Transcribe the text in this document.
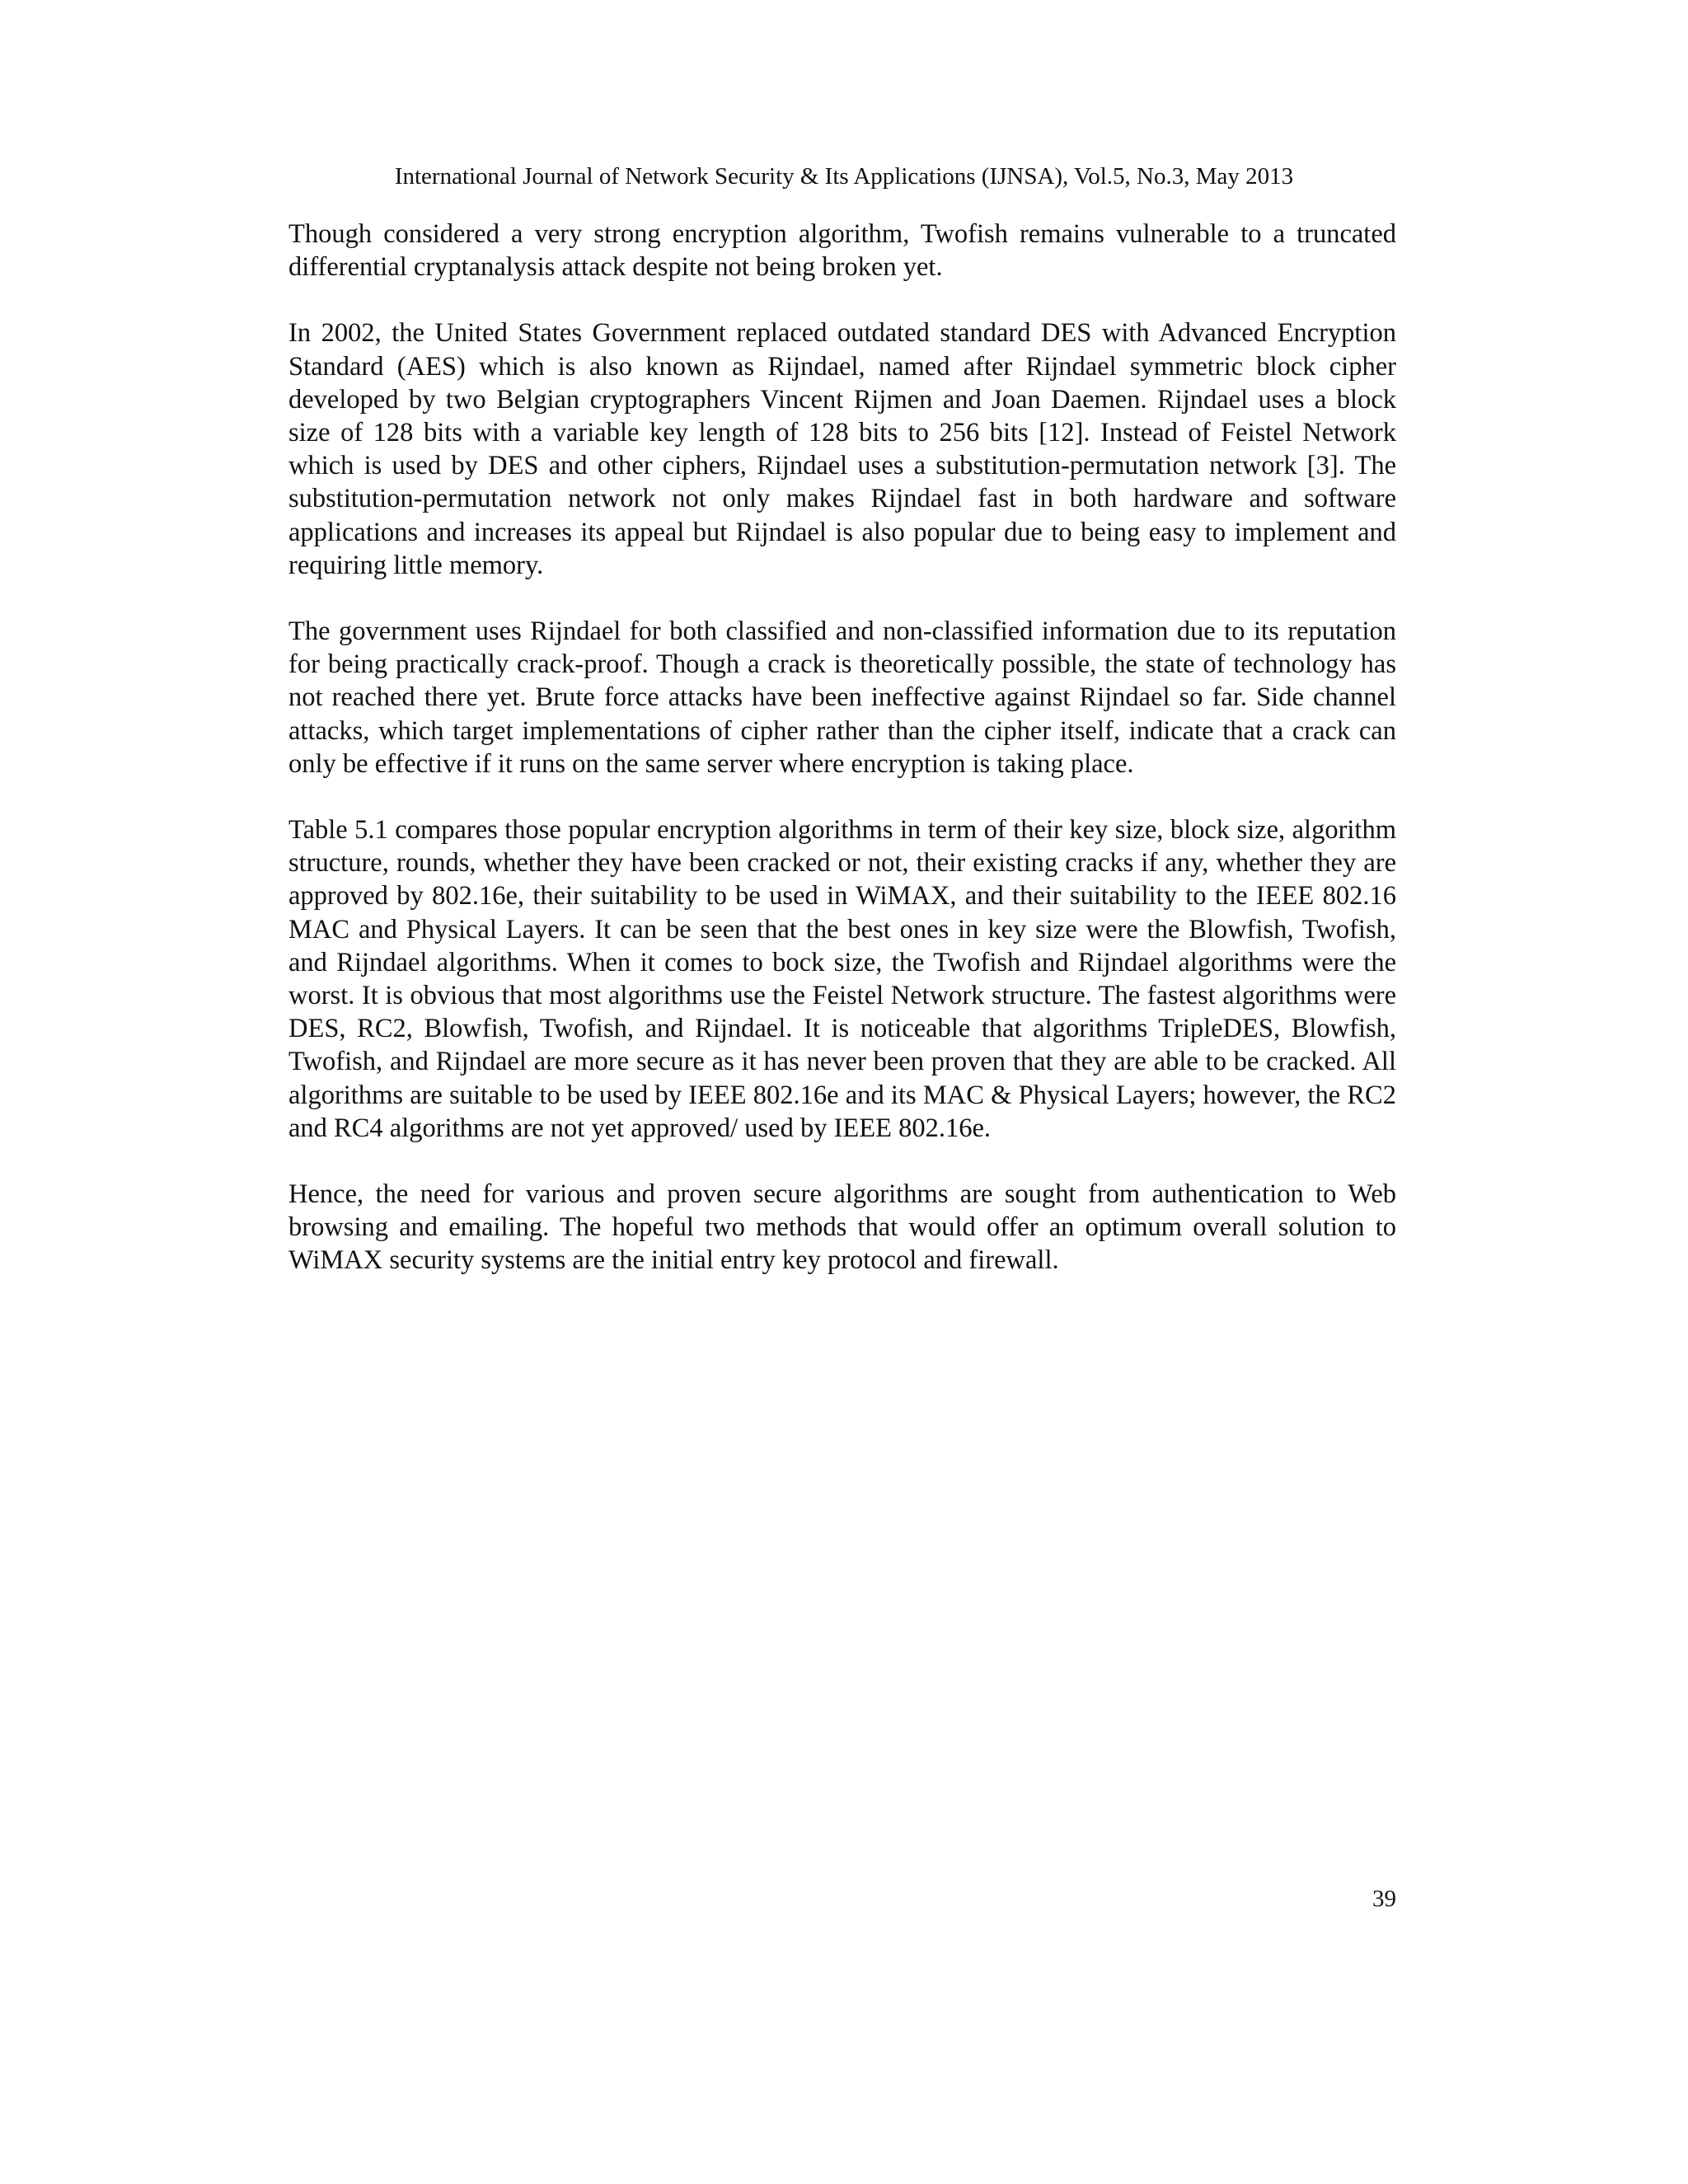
International Journal of Network Security & Its Applications (IJNSA), Vol.5, No.3, May 2013

Though considered a very strong encryption algorithm, Twofish remains vulnerable to a truncated differential cryptanalysis attack despite not being broken yet.

In 2002, the United States Government replaced outdated standard DES with Advanced Encryption Standard (AES) which is also known as Rijndael, named after Rijndael symmetric block cipher developed by two Belgian cryptographers Vincent Rijmen and Joan Daemen. Rijndael uses a block size of 128 bits with a variable key length of 128 bits to 256 bits [12]. Instead of Feistel Network which is used by DES and other ciphers, Rijndael uses a substitution-permutation network [3]. The substitution-permutation network not only makes Rijndael fast in both hardware and software applications and increases its appeal but Rijndael is also popular due to being easy to implement and requiring little memory.

The government uses Rijndael for both classified and non-classified information due to its reputation for being practically crack-proof. Though a crack is theoretically possible, the state of technology has not reached there yet. Brute force attacks have been ineffective against Rijndael so far. Side channel attacks, which target implementations of cipher rather than the cipher itself, indicate that a crack can only be effective if it runs on the same server where encryption is taking place.

Table 5.1 compares those popular encryption algorithms in term of their key size, block size, algorithm structure, rounds, whether they have been cracked or not, their existing cracks if any, whether they are approved by 802.16e, their suitability to be used in WiMAX, and their suitability to the IEEE 802.16 MAC and Physical Layers. It can be seen that the best ones in key size were the Blowfish, Twofish, and Rijndael algorithms. When it comes to bock size, the Twofish and Rijndael algorithms were the worst. It is obvious that most algorithms use the Feistel Network structure. The fastest algorithms were DES, RC2, Blowfish, Twofish, and Rijndael. It is noticeable that algorithms TripleDES, Blowfish, Twofish, and Rijndael are more secure as it has never been proven that they are able to be cracked. All algorithms are suitable to be used by IEEE 802.16e and its MAC & Physical Layers; however, the RC2 and RC4 algorithms are not yet approved/ used by IEEE 802.16e.

Hence, the need for various and proven secure algorithms are sought from authentication to Web browsing and emailing. The hopeful two methods that would offer an optimum overall solution to WiMAX security systems are the initial entry key protocol and firewall.

39
